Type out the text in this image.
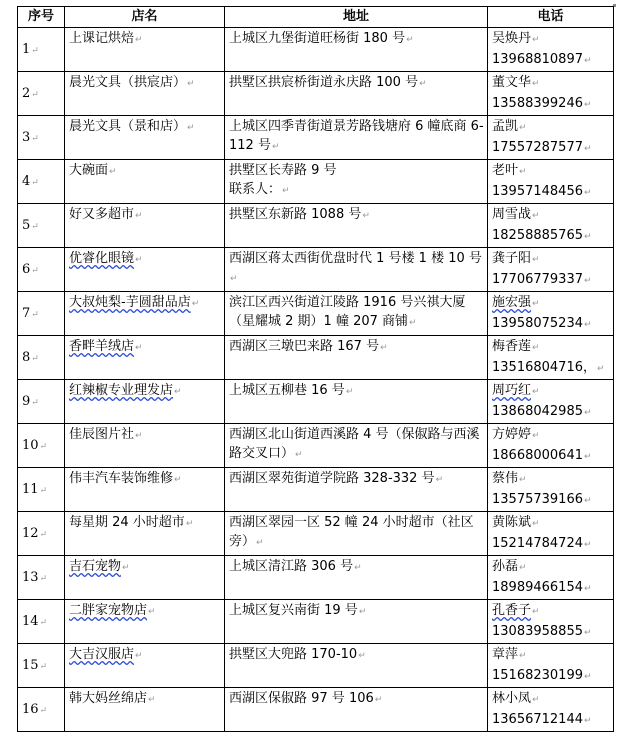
序号	店名	地址	电话
1↵	上课记烘焙↵	上城区九堡街道旺杨街 180 号↵	吴焕丹↵
13968810897↵
2↵	晨光文具（拱宸店）↵	拱墅区拱宸桥街道永庆路 100 号↵	董文华↵
13588399246↵
3↵	晨光文具（景和店）↵	上城区四季青街道景芳路钱塘府 6 幢底商 6-112 号↵	孟凯↵
17557287577↵
4↵	大碗面↵	拱墅区长寿路 9 号
联系人：↵	老叶↵
13957148456↵
5↵	好又多超市↵	拱墅区东新路 1088 号↵	周雪战↵
18258885765↵
6↵	优睿化眼镜↵	西湖区蒋太西街优盘时代 1 号楼 1 楼 10 号↵	龚子阳↵
17706779337↵
7↵	大叔炖梨-芋圆甜品店↵	滨江区西兴街道江陵路 1916 号兴祺大厦（星耀城 2 期）1 幢 207 商铺↵	施宏强↵
13958075234↵
8↵	香畔羊绒店↵	西湖区三墩巴来路 167 号↵	梅香莲↵
13516804716，↵
9↵	红辣椒专业理发店↵	上城区五柳巷 16 号↵	周巧红↵
13868042985↵
10↵	佳辰图片社↵	西湖区北山街道西溪路 4 号（保俶路与西溪路交叉口）↵	方婷婷↵
18668000641↵
11↵	伟丰汽车装饰维修↵	西湖区翠苑街道学院路 328-332 号↵	蔡伟↵
13575739166↵
12↵	每星期 24 小时超市↵	西湖区翠园一区 52 幢 24 小时超市（社区旁）↵	黄陈斌↵
15214784724↵
13↵	吉石宠物↵	上城区清江路 306 号↵	孙磊↵
18989466154↵
14↵	二胖家宠物店↵	上城区复兴南街 19 号↵	孔香子↵
13083958855↵
15↵	大吉汉服店↵	拱墅区大兜路 170-10↵	章萍↵
15168230199↵
16↵	韩大妈丝绵店↵	西湖区保俶路 97 号 106↵	林小凤↵
13656712144↵
